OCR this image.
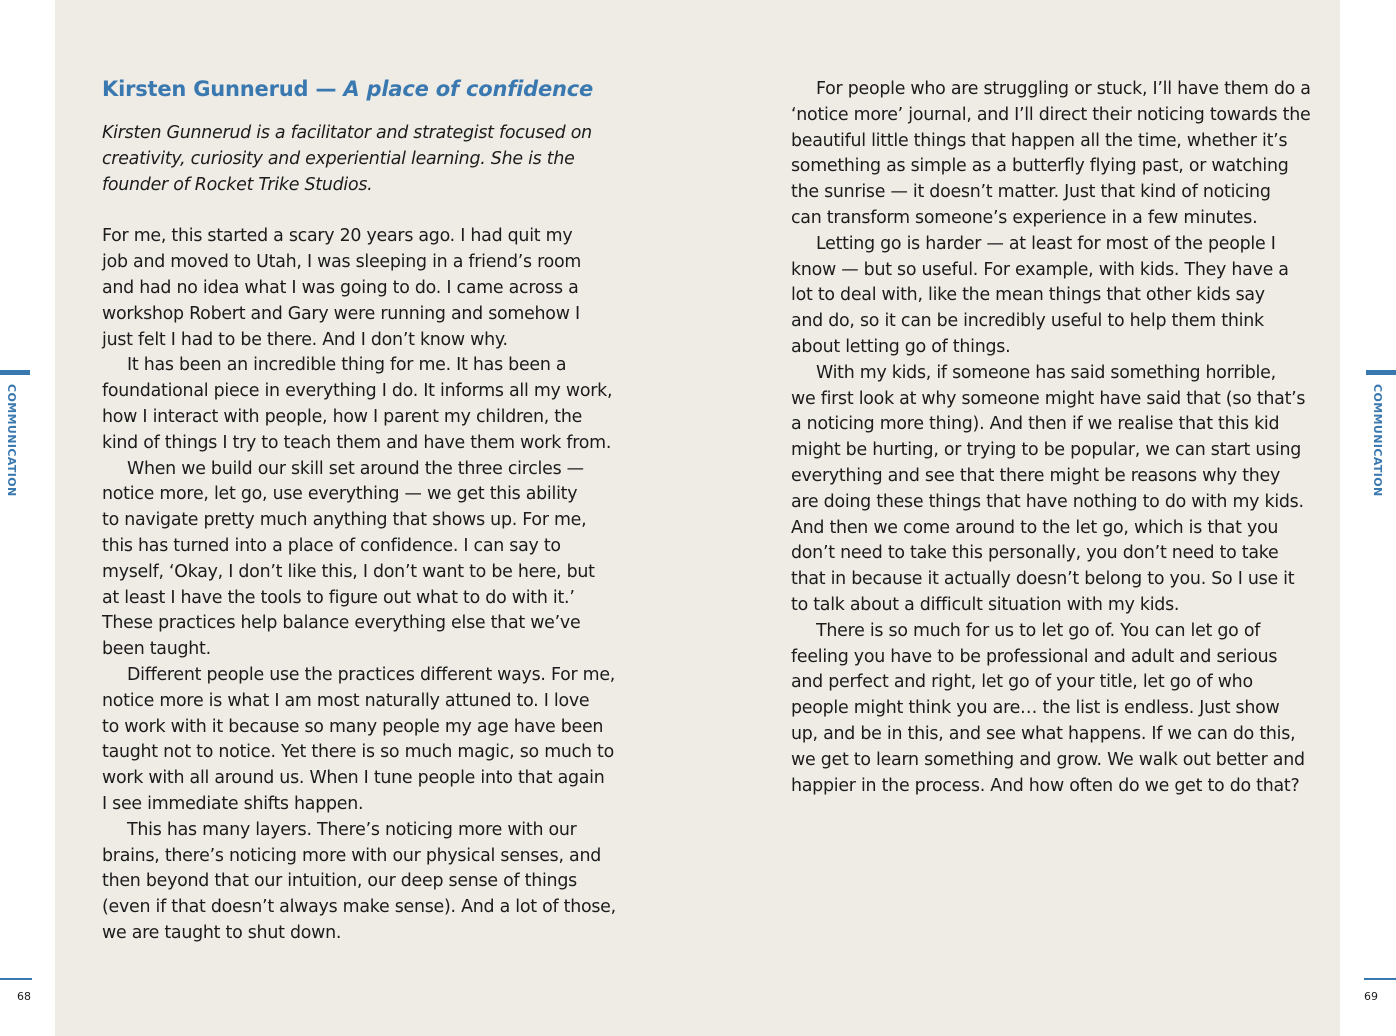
COMMUNICATION	COMMUNICATION
Kirsten Gunnerud — A place of confidence
Kirsten Gunnerud is a facilitator and strategist focused on
creativity, curiosity and experiential learning. She is the
founder of Rocket Trike Studios.
For me, this started a scary 20 years ago. I had quit my
job and moved to Utah, I was sleeping in a friend’s room
and had no idea what I was going to do. I came across a
workshop Robert and Gary were running and somehow I
just felt I had to be there. And I don’t know why.
It has been an incredible thing for me. It has been a
foundational piece in everything I do. It informs all my work,
how I interact with people, how I parent my children, the
kind of things I try to teach them and have them work from.
When we build our skill set around the three circles —
notice more, let go, use everything — we get this ability
to navigate pretty much anything that shows up. For me,
this has turned into a place of confidence. I can say to
myself, ‘Okay, I don’t like this, I don’t want to be here, but
at least I have the tools to figure out what to do with it.’
These practices help balance everything else that we’ve
been taught.
Different people use the practices different ways. For me,
notice more is what I am most naturally attuned to. I love
to work with it because so many people my age have been
taught not to notice. Yet there is so much magic, so much to
work with all around us. When I tune people into that again
I see immediate shifts happen.
This has many layers. There’s noticing more with our
brains, there’s noticing more with our physical senses, and
then beyond that our intuition, our deep sense of things
(even if that doesn’t always make sense). And a lot of those,
we are taught to shut down.
For people who are struggling or stuck, I’ll have them do a
‘notice more’ journal, and I’ll direct their noticing towards the
beautiful little things that happen all the time, whether it’s
something as simple as a butterfly flying past, or watching
the sunrise — it doesn’t matter. Just that kind of noticing
can transform someone’s experience in a few minutes.
Letting go is harder — at least for most of the people I
know — but so useful. For example, with kids. They have a
lot to deal with, like the mean things that other kids say
and do, so it can be incredibly useful to help them think
about letting go of things.
With my kids, if someone has said something horrible,
we first look at why someone might have said that (so that’s
a noticing more thing). And then if we realise that this kid
might be hurting, or trying to be popular, we can start using
everything and see that there might be reasons why they
are doing these things that have nothing to do with my kids.
And then we come around to the let go, which is that you
don’t need to take this personally, you don’t need to take
that in because it actually doesn’t belong to you. So I use it
to talk about a difficult situation with my kids.
There is so much for us to let go of. You can let go of
feeling you have to be professional and adult and serious
and perfect and right, let go of your title, let go of who
people might think you are… the list is endless. Just show
up, and be in this, and see what happens. If we can do this,
we get to learn something and grow. We walk out better and
happier in the process. And how often do we get to do that?
68	69
